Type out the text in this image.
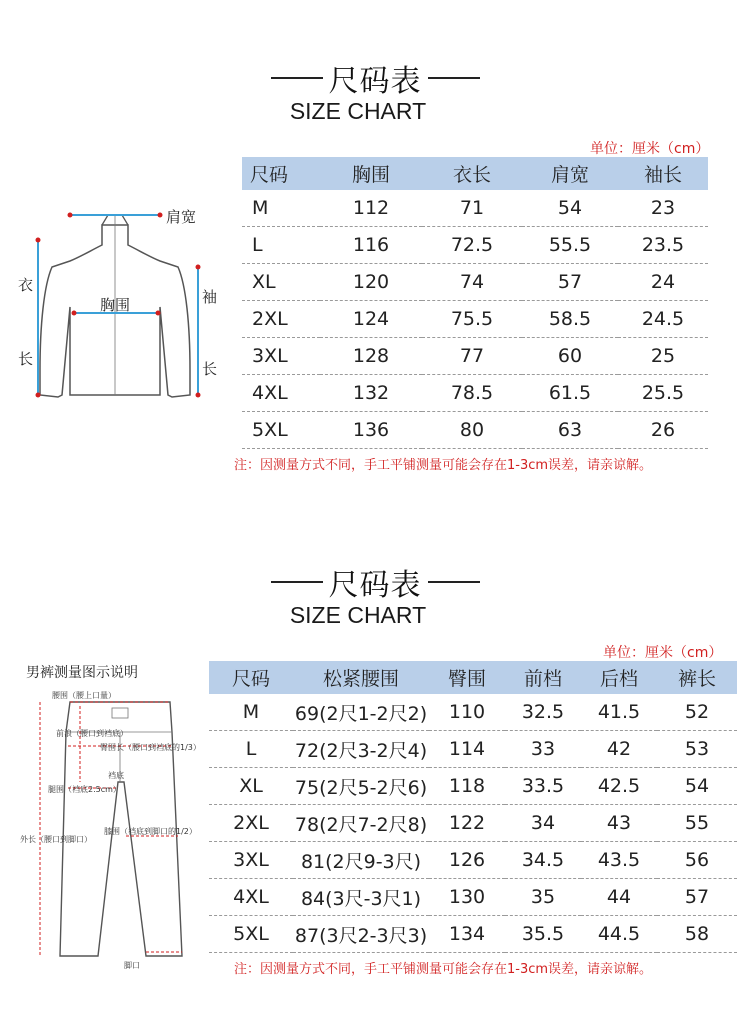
尺码表
SIZE CHART
单位：厘米（cm）
肩宽
胸围
衣
长
袖
长
尺码	胸围	衣长	肩宽	袖长
M	112	71	54	23
L	116	72.5	55.5	23.5
XL	120	74	57	24
2XL	124	75.5	58.5	24.5
3XL	128	77	60	25
4XL	132	78.5	61.5	25.5
5XL	136	80	63	26
注：因测量方式不同，手工平铺测量可能会存在1-3cm误差，请亲谅解。
尺码表
SIZE CHART
单位：厘米（cm）
男裤测量图示说明
腰围（腰上口量）
前浪（腰口到裆底）
臀围长（腰口到裆底的1/3）
裆底
腿围（裆底2.5cm）
外长（腰口到脚口）
膝围（裆底到脚口的1/2）
脚口
尺码	松紧腰围	臀围	前档	后档	裤长
M	69(2尺1-2尺2)	110	32.5	41.5	52
L	72(2尺3-2尺4)	114	33	42	53
XL	75(2尺5-2尺6)	118	33.5	42.5	54
2XL	78(2尺7-2尺8)	122	34	43	55
3XL	81(2尺9-3尺)	126	34.5	43.5	56
4XL	84(3尺-3尺1)	130	35	44	57
5XL	87(3尺2-3尺3)	134	35.5	44.5	58
注：因测量方式不同，手工平铺测量可能会存在1-3cm误差，请亲谅解。
